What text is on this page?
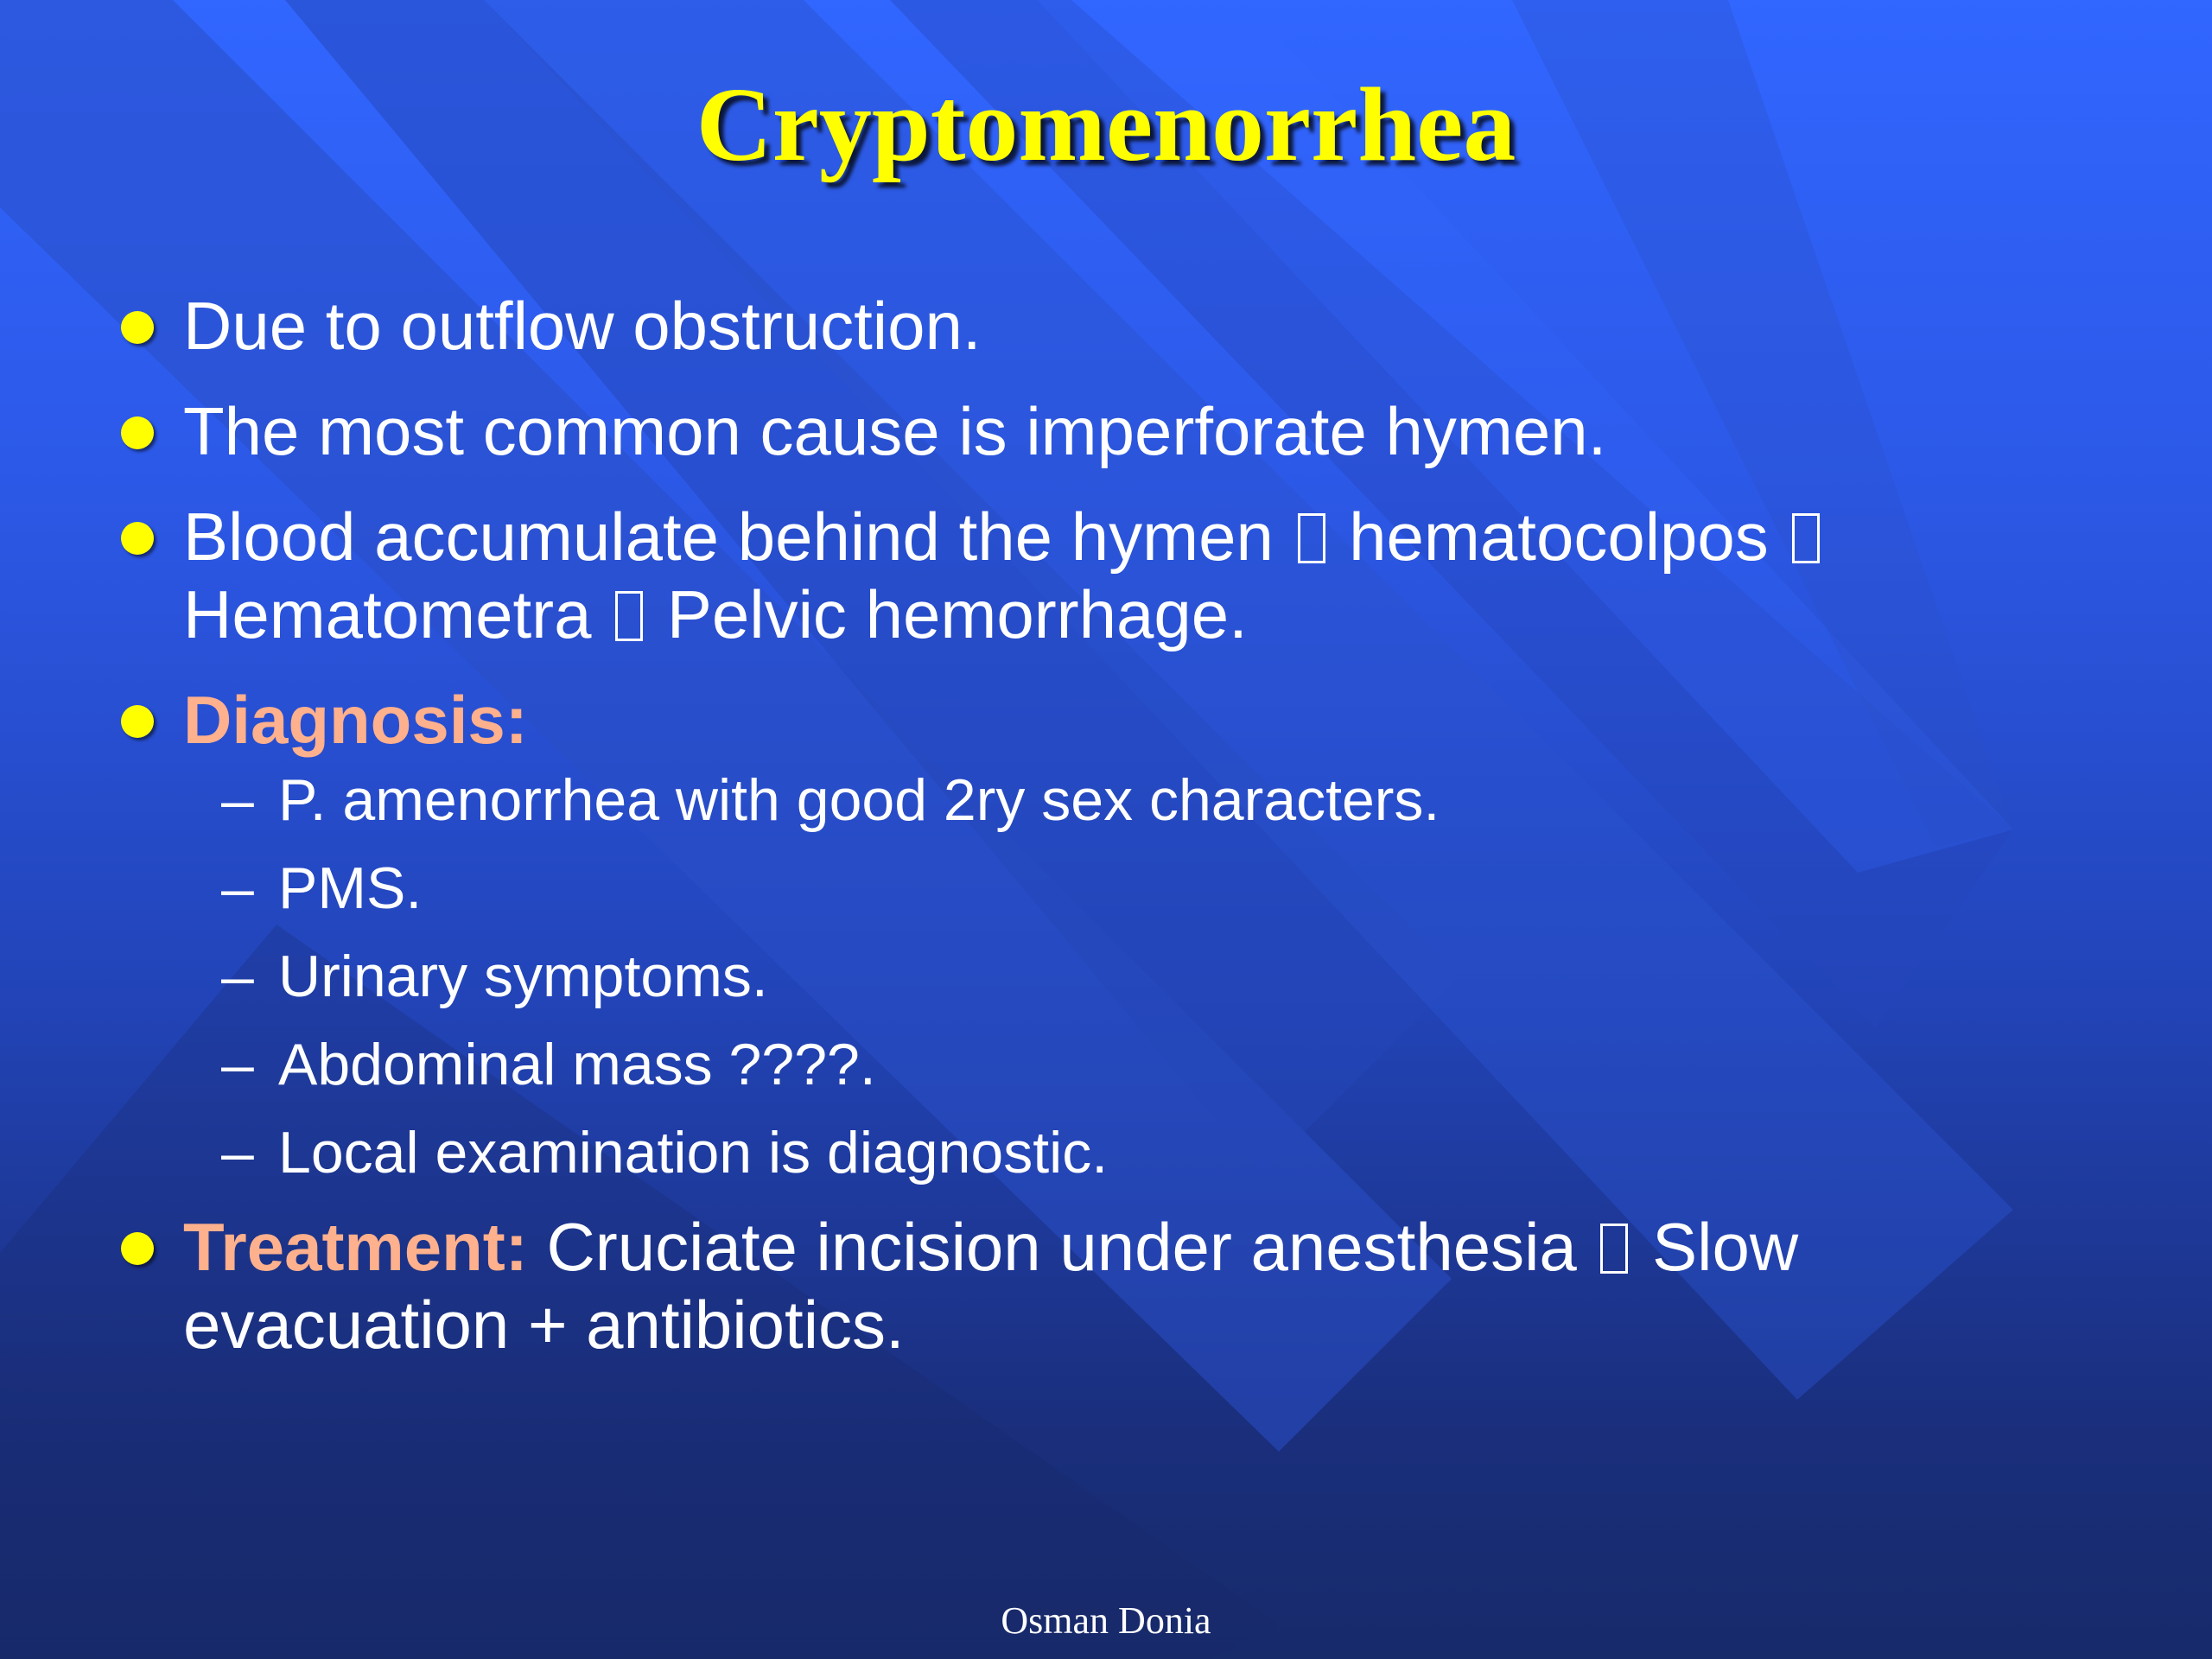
Cryptomenorrhea
Due to outflow obstruction.
The most common cause is imperforate hymen.
Blood accumulate behind the hymen hematocolpos
Hematometra Pelvic hemorrhage.
Diagnosis:
– P. amenorrhea with good 2ry sex characters.
– PMS.
– Urinary symptoms.
– Abdominal mass ????.
– Local examination is diagnostic.
Treatment: Cruciate incision under anesthesia Slow
evacuation + antibiotics.
Osman Donia
